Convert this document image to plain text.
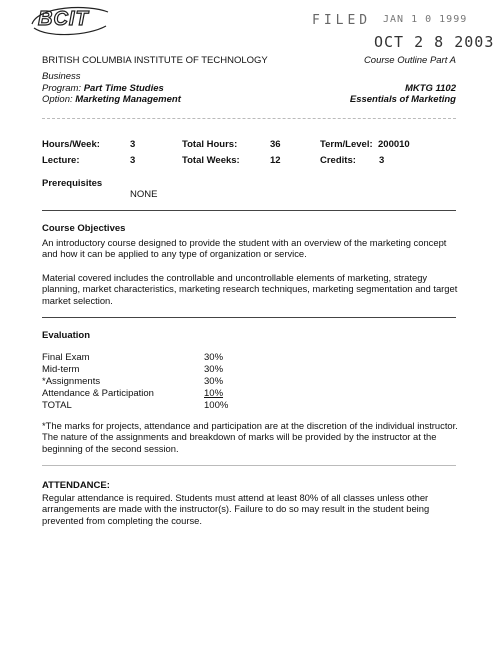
BCIT	FILED JAN 1 0 1999
OCT 2 8 2003
BRITISH COLUMBIA INSTITUTE OF TECHNOLOGY	Course Outline Part A
Business
Program: Part Time Studies	MKTG 1102
Option: Marketing Management	Essentials of Marketing
Hours/Week:	3	Total Hours:	36	Term/Level: 200010
Lecture:	3	Total Weeks:	12	Credits: 3
Prerequisites
NONE
Course Objectives
An introductory course designed to provide the student with an overview of the marketing concept and how it can be applied to any type of organization or service.
Material covered includes the controllable and uncontrollable elements of marketing, strategy planning, market characteristics, marketing research techniques, marketing segmentation and target market selection.
Evaluation
Final Exam	30%
Mid-term	30%
*Assignments	30%
Attendance & Participation	10%
TOTAL	100%
*The marks for projects, attendance and participation are at the discretion of the individual instructor. The nature of the assignments and breakdown of marks will be provided by the instructor at the beginning of the second session.
ATTENDANCE:
Regular attendance is required. Students must attend at least 80% of all classes unless other arrangements are made with the instructor(s). Failure to do so may result in the student being prevented from completing the course.
